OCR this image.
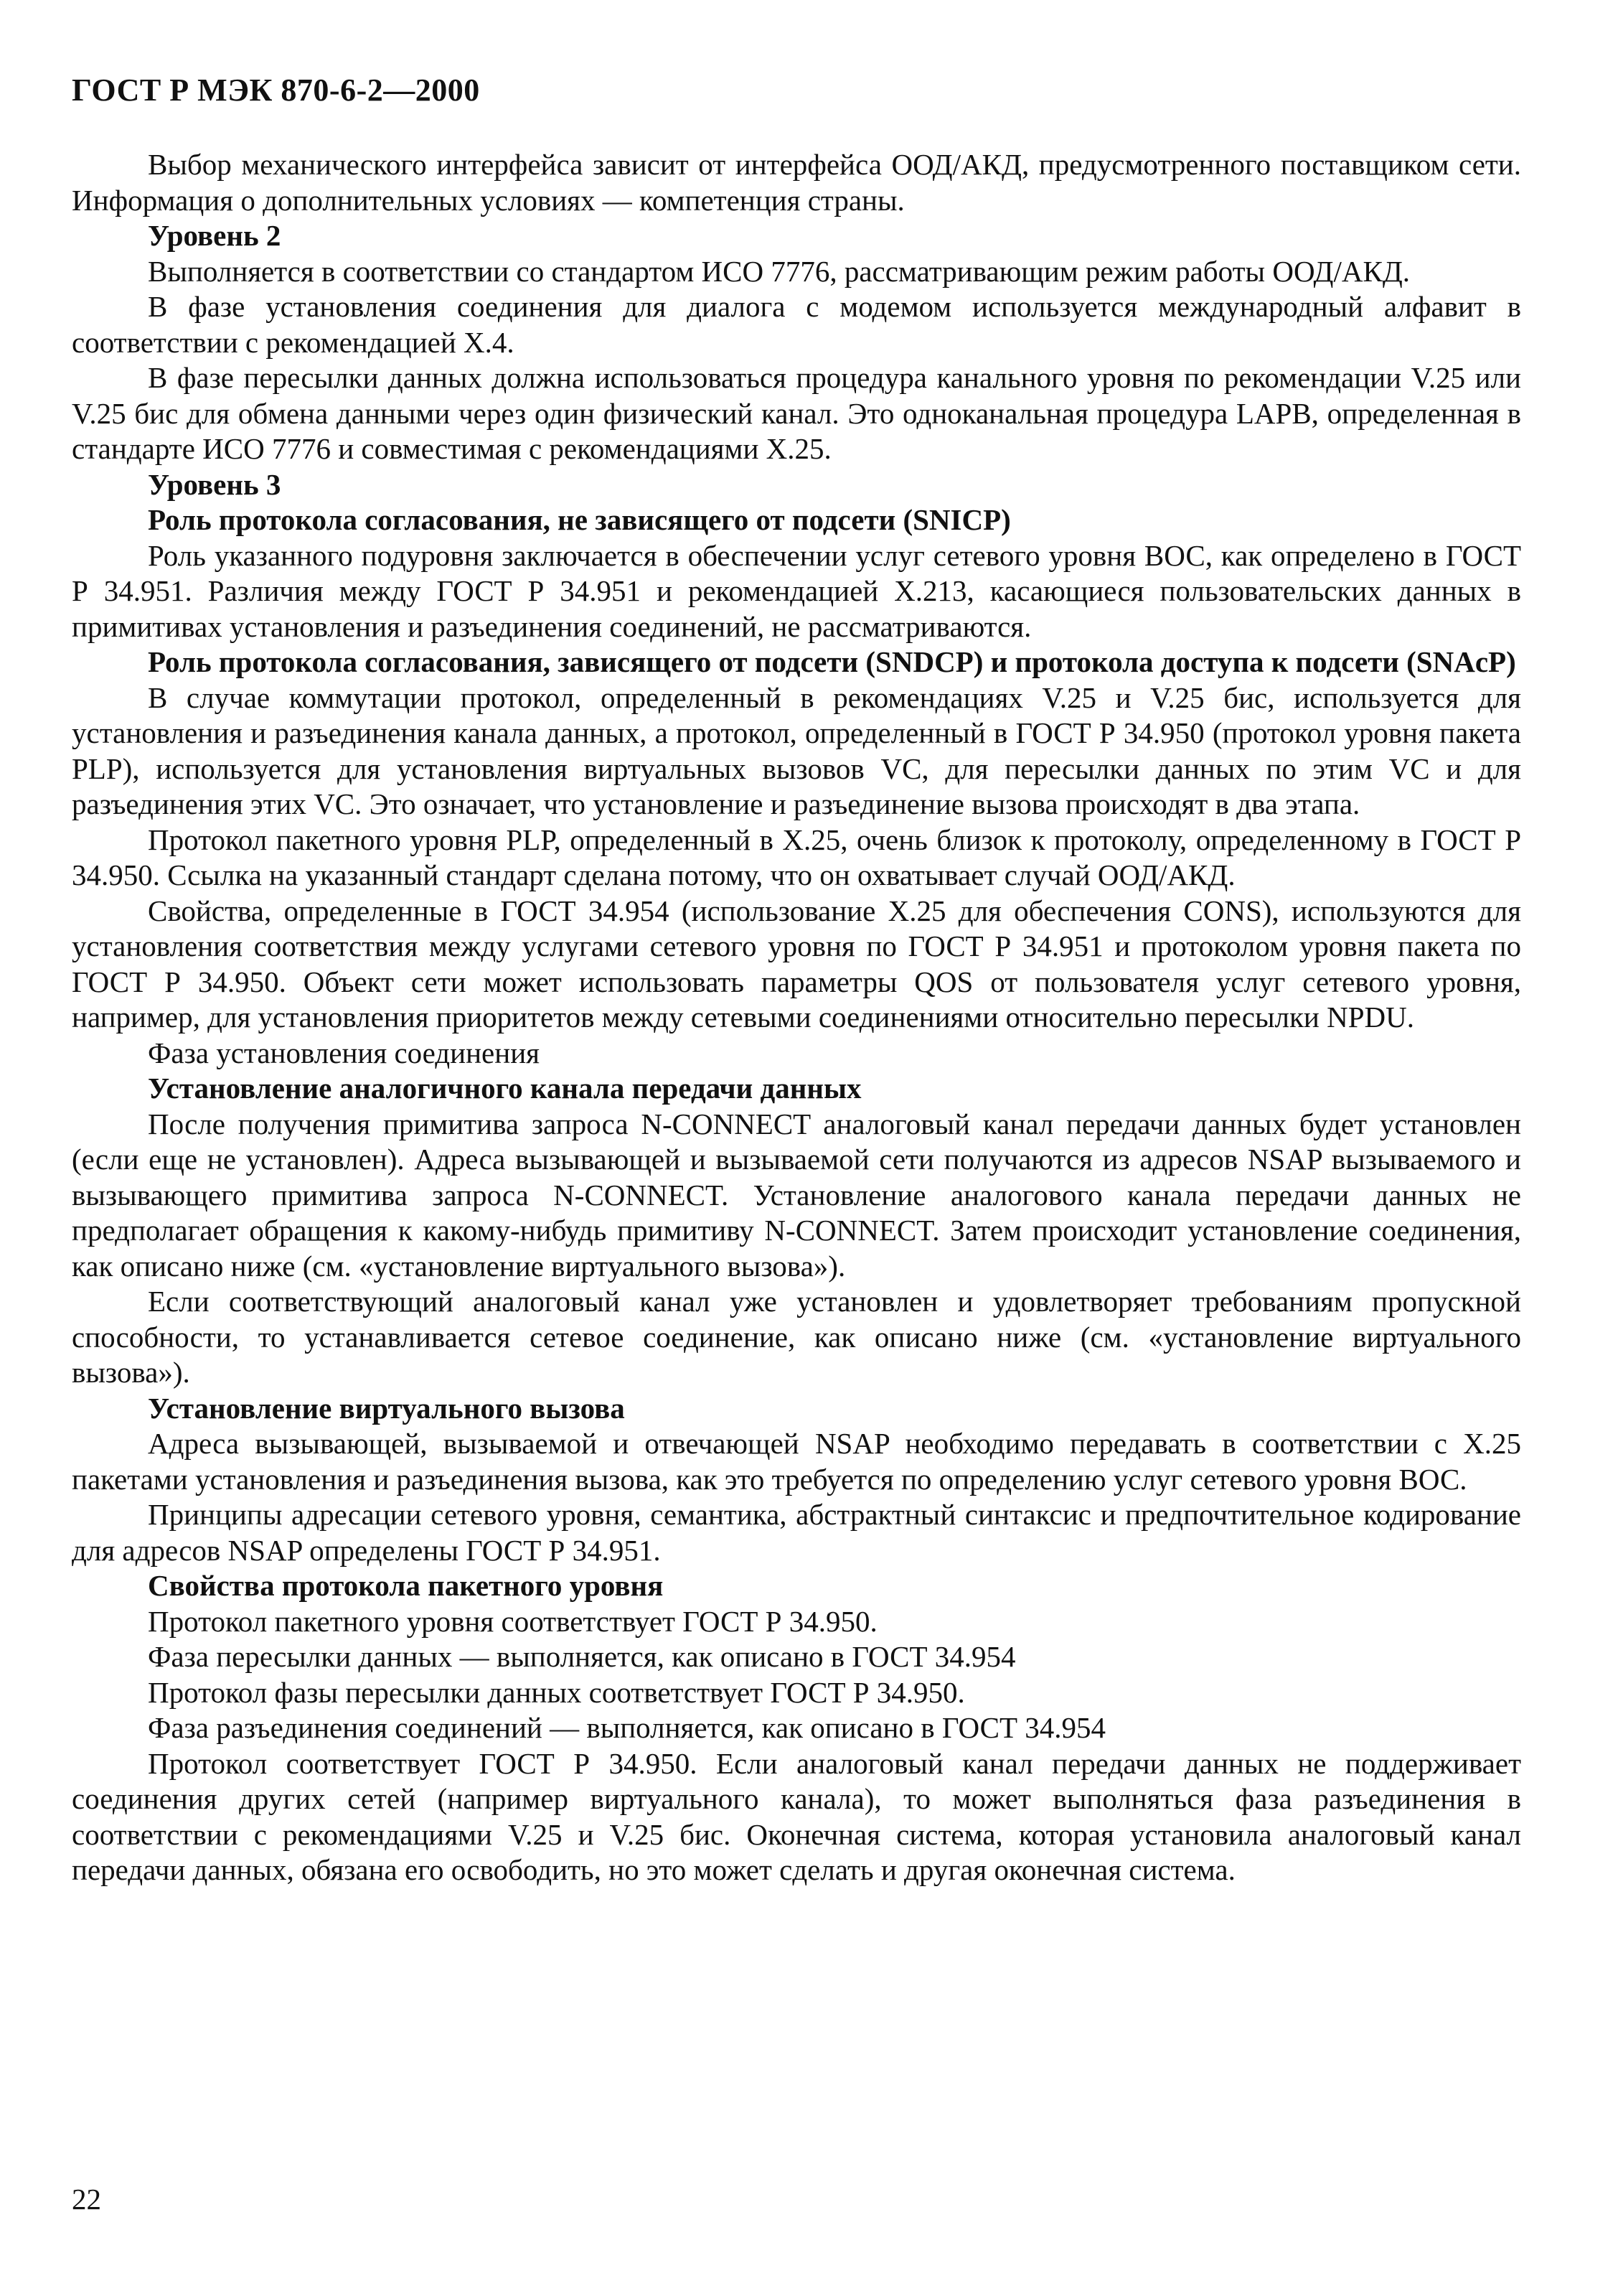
ГОСТ Р МЭК 870-6-2—2000

Выбор механического интерфейса зависит от интерфейса ООД/АКД, предусмотренного поставщиком сети. Информация о дополнительных условиях — компетенция страны.

Уровень 2

Выполняется в соответствии со стандартом ИСО 7776, рассматривающим режим работы ООД/АКД.

В фазе установления соединения для диалога с модемом используется международный алфавит в соответствии с рекомендацией X.4.

В фазе пересылки данных должна использоваться процедура канального уровня по рекомендации V.25 или V.25 бис для обмена данными через один физический канал. Это одноканальная процедура LAPB, определенная в стандарте ИСО 7776 и совместимая с рекомендациями X.25.

Уровень 3

Роль протокола согласования, не зависящего от подсети (SNICP)

Роль указанного подуровня заключается в обеспечении услуг сетевого уровня ВОС, как определено в ГОСТ Р 34.951. Различия между ГОСТ Р 34.951 и рекомендацией X.213, касающиеся пользовательских данных в примитивах установления и разъединения соединений, не рассматриваются.

Роль протокола согласования, зависящего от подсети (SNDCP) и протокола доступа к подсети (SNAcP)

В случае коммутации протокол, определенный в рекомендациях V.25 и V.25 бис, используется для установления и разъединения канала данных, а протокол, определенный в ГОСТ Р 34.950 (протокол уровня пакета PLP), используется для установления виртуальных вызовов VC, для пересылки данных по этим VC и для разъединения этих VC. Это означает, что установление и разъединение вызова происходят в два этапа.

Протокол пакетного уровня PLP, определенный в X.25, очень близок к протоколу, определенному в ГОСТ Р 34.950. Ссылка на указанный стандарт сделана потому, что он охватывает случай ООД/АКД.

Свойства, определенные в ГОСТ 34.954 (использование X.25 для обеспечения CONS), используются для установления соответствия между услугами сетевого уровня по ГОСТ Р 34.951 и протоколом уровня пакета по ГОСТ Р 34.950. Объект сети может использовать параметры QOS от пользователя услуг сетевого уровня, например, для установления приоритетов между сетевыми соединениями относительно пересылки NPDU.

Фаза установления соединения

Установление аналогичного канала передачи данных

После получения примитива запроса N-CONNECT аналоговый канал передачи данных будет установлен (если еще не установлен). Адреса вызывающей и вызываемой сети получаются из адресов NSAP вызываемого и вызывающего примитива запроса N-CONNECT. Установление аналогового канала передачи данных не предполагает обращения к какому-нибудь примитиву N-CONNECT. Затем происходит установление соединения, как описано ниже (см. «установление виртуального вызова»).

Если соответствующий аналоговый канал уже установлен и удовлетворяет требованиям пропускной способности, то устанавливается сетевое соединение, как описано ниже (см. «установление виртуального вызова»).

Установление виртуального вызова

Адреса вызывающей, вызываемой и отвечающей NSAP необходимо передавать в соответствии с X.25 пакетами установления и разъединения вызова, как это требуется по определению услуг сетевого уровня ВОС.

Принципы адресации сетевого уровня, семантика, абстрактный синтаксис и предпочтительное кодирование для адресов NSAP определены ГОСТ Р 34.951.

Свойства протокола пакетного уровня

Протокол пакетного уровня соответствует ГОСТ Р 34.950.

Фаза пересылки данных — выполняется, как описано в ГОСТ 34.954

Протокол фазы пересылки данных соответствует ГОСТ Р 34.950.

Фаза разъединения соединений — выполняется, как описано в ГОСТ 34.954

Протокол соответствует ГОСТ Р 34.950. Если аналоговый канал передачи данных не поддерживает соединения других сетей (например виртуального канала), то может выполняться фаза разъединения в соответствии с рекомендациями V.25 и V.25 бис. Оконечная система, которая установила аналоговый канал передачи данных, обязана его освободить, но это может сделать и другая оконечная система.

22
